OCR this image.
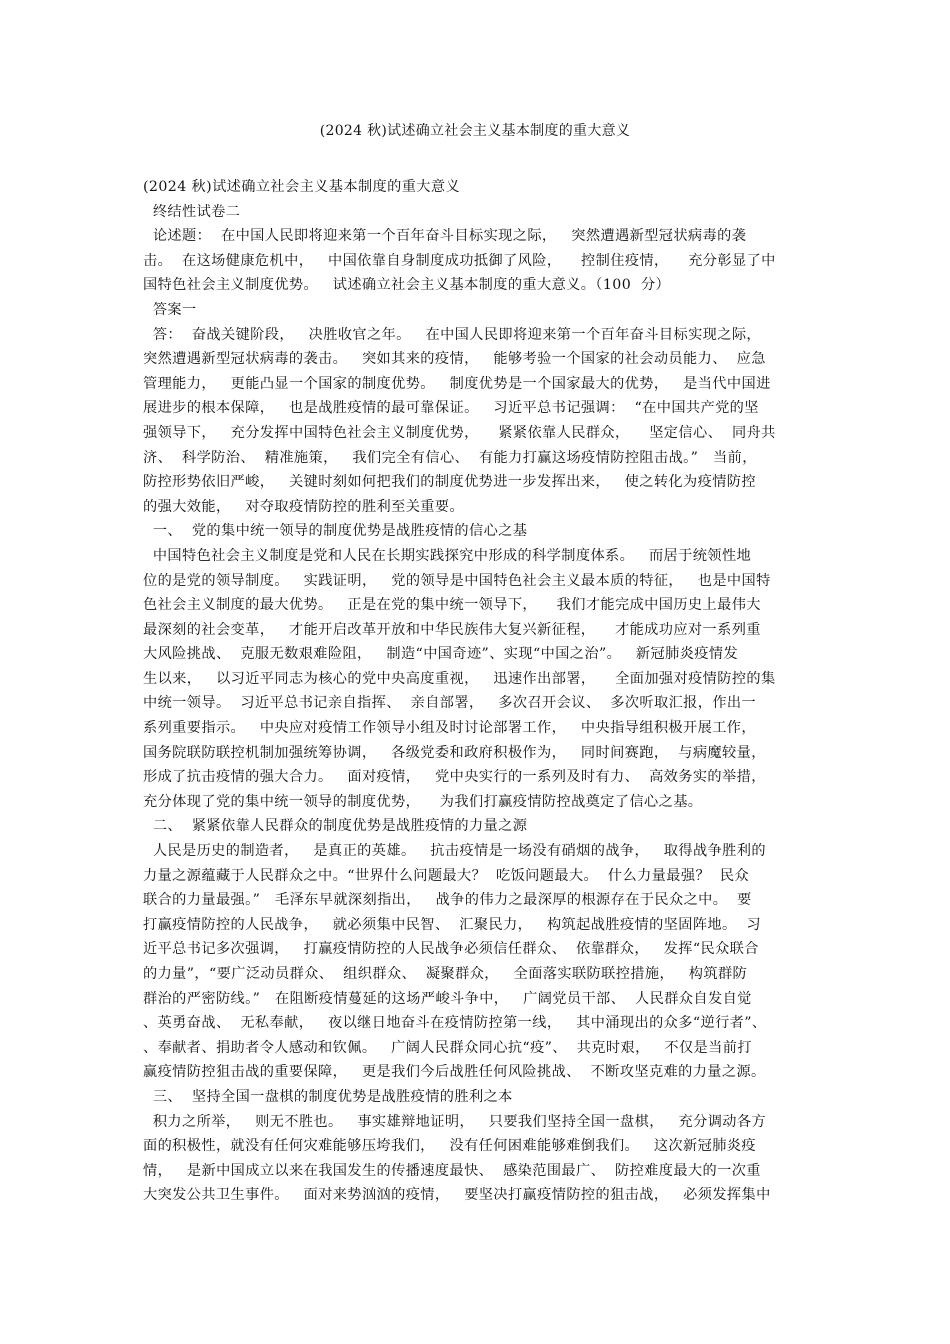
(2024 秋)试述确立社会主义基本制度的重大意义
(2024 秋)试述确立社会主义基本制度的重大意义
终结性试卷二
论述题：  在中国人民即将迎来第一个百年奋斗目标实现之际，   突然遭遇新型冠状病毒的袭
击。  在这场健康危机中，   中国依靠自身制度成功抵御了风险，    控制住疫情，    充分彰显了中
国特色社会主义制度优势。   试述确立社会主义基本制度的重大意义。（100  分）
答案一
答：  奋战关键阶段，   决胜收官之年。   在中国人民即将迎来第一个百年奋斗目标实现之际，
突然遭遇新型冠状病毒的袭击。   突如其来的疫情，   能够考验一个国家的社会动员能力、  应急
管理能力，   更能凸显一个国家的制度优势。   制度优势是一个国家最大的优势，   是当代中国进
展进步的根本保障，   也是战胜疫情的最可靠保证。   习近平总书记强调：  “在中国共产党的坚
强领导下，   充分发挥中国特色社会主义制度优势，    紧紧依靠人民群众，    坚定信心、  同舟共
济、  科学防治、  精准施策，   我们完全有信心、  有能力打赢这场疫情防控阻击战。”   当前，
防控形势依旧严峻，   关键时刻如何把我们的制度优势进一步发挥出来，   使之转化为疫情防控
的强大效能，   对夺取疫情防控的胜利至关重要。
一、  党的集中统一领导的制度优势是战胜疫情的信心之基
中国特色社会主义制度是党和人民在长期实践探究中形成的科学制度体系。   而居于统领性地
位的是党的领导制度。   实践证明，   党的领导是中国特色社会主义最本质的特征，   也是中国特
色社会主义制度的最大优势。   正是在党的集中统一领导下，    我们才能完成中国历史上最伟大
最深刻的社会变革，   才能开启改革开放和中华民族伟大复兴新征程，    才能成功应对一系列重
大风险挑战、  克服无数艰难险阻，   制造“中国奇迹”、实现“中国之治”。   新冠肺炎疫情发
生以来，   以习近平同志为核心的党中央高度重视，   迅速作出部署，    全面加强对疫情防控的集
中统一领导。  习近平总书记亲自指挥、  亲自部署，   多次召开会议、  多次听取汇报，作出一
系列重要指示。   中央应对疫情工作领导小组及时讨论部署工作，   中央指导组积极开展工作，
国务院联防联控机制加强统筹协调，   各级党委和政府积极作为，   同时间赛跑，  与病魔较量，
形成了抗击疫情的强大合力。   面对疫情，   党中央实行的一系列及时有力、  高效务实的举措，
充分体现了党的集中统一领导的制度优势，    为我们打赢疫情防控战奠定了信心之基。
二、  紧紧依靠人民群众的制度优势是战胜疫情的力量之源
人民是历史的制造者，   是真正的英雄。   抗击疫情是一场没有硝烟的战争，   取得战争胜利的
力量之源蕴藏于人民群众之中。“世界什么问题最大？  吃饭问题最大。  什么力量最强？  民众
联合的力量最强。”   毛泽东早就深刻指出，   战争的伟力之最深厚的根源存在于民众之中。  要
打赢疫情防控的人民战争，   就必须集中民智、  汇聚民力，   构筑起战胜疫情的坚固阵地。  习
近平总书记多次强调，   打赢疫情防控的人民战争必须信任群众、  依靠群众，   发挥“民众联合
的力量”，“要广泛动员群众、  组织群众、  凝聚群众，   全面落实联防联控措施，   构筑群防
群治的严密防线。”   在阻断疫情蔓延的这场严峻斗争中，   广阔党员干部、  人民群众自发自觉
、英勇奋战、  无私奉献，   夜以继日地奋斗在疫情防控第一线，   其中涌现出的众多“逆行者”、
、奉献者、捐助者令人感动和钦佩。   广阔人民群众同心抗“疫”、  共克时艰，   不仅是当前打
赢疫情防控狙击战的重要保障，   更是我们今后战胜任何风险挑战、  不断攻坚克难的力量之源。
三、  坚持全国一盘棋的制度优势是战胜疫情的胜利之本
积力之所举，   则无不胜也。   事实雄辩地证明，   只要我们坚持全国一盘棋，   充分调动各方
面的积极性，就没有任何灾难能够压垮我们，   没有任何困难能够难倒我们。   这次新冠肺炎疫
情，   是新中国成立以来在我国发生的传播速度最快、  感染范围最广、  防控难度最大的一次重
大突发公共卫生事件。   面对来势汹汹的疫情，   要坚决打赢疫情防控的狙击战，   必须发挥集中
